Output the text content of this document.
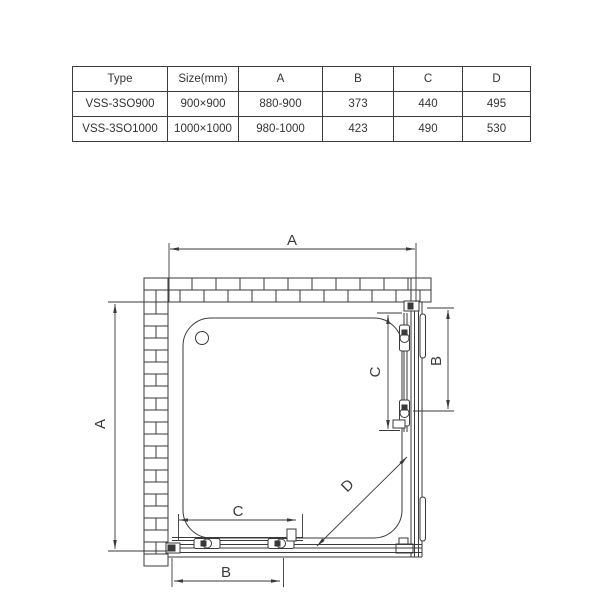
Type	Size(mm)	A	B	C	D
VSS-3SO900	900×900	880-900	373	440	495
VSS-3SO1000	1000×1000	980-1000	423	490	530
A
A
C
B
C
B
D
